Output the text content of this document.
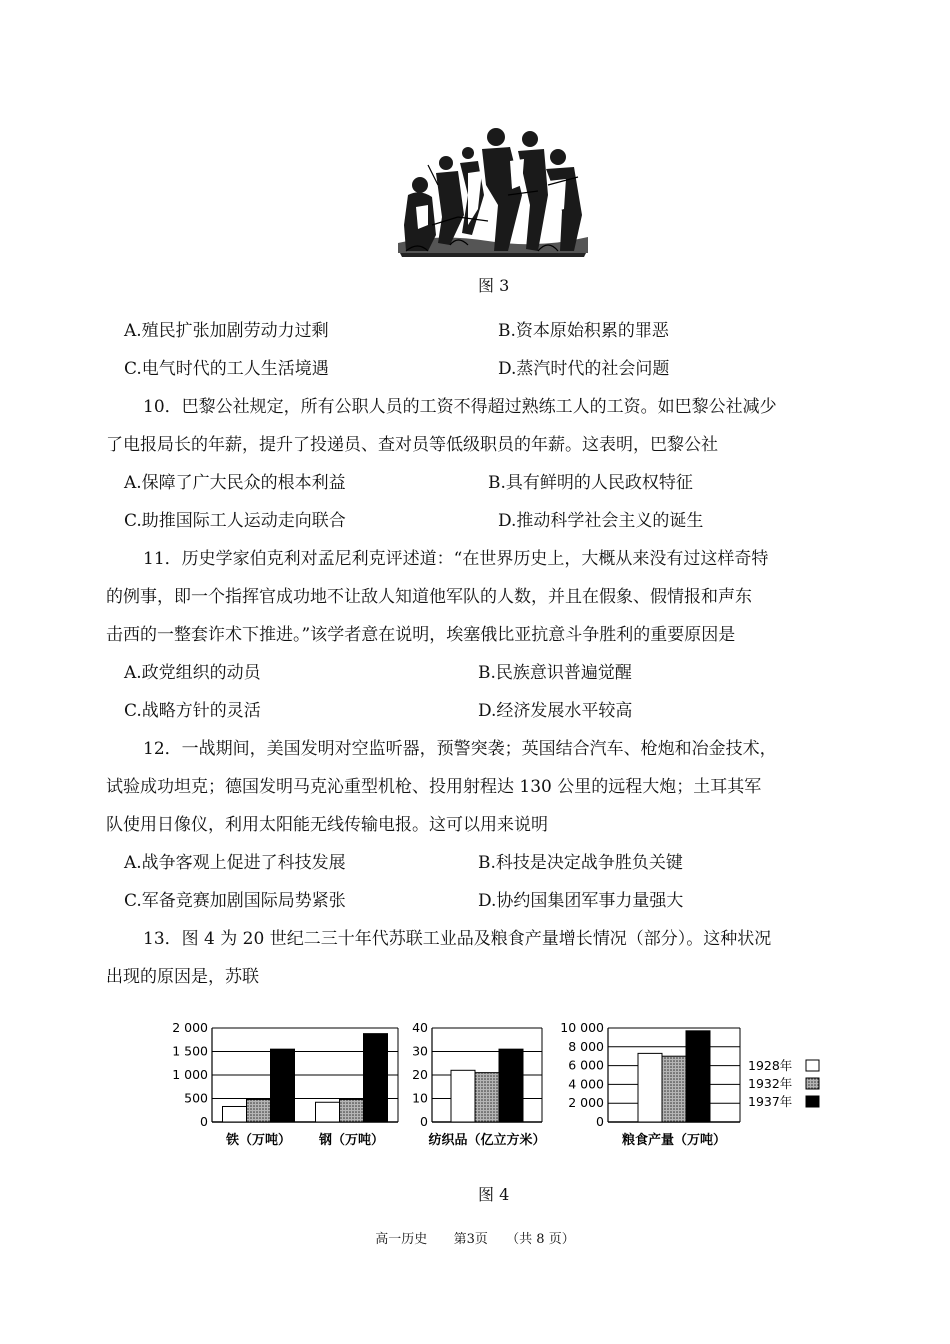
图 3
A.殖民扩张加剧劳动力过剩	B.资本原始积累的罪恶
C.电气时代的工人生活境遇	D.蒸汽时代的社会问题
10．巴黎公社规定，所有公职人员的工资不得超过熟练工人的工资。如巴黎公社减少
了电报局长的年薪，提升了投递员、查对员等低级职员的年薪。这表明，巴黎公社
A.保障了广大民众的根本利益	B.具有鲜明的人民政权特征
C.助推国际工人运动走向联合	D.推动科学社会主义的诞生
11．历史学家伯克利对孟尼利克评述道：“在世界历史上，大概从来没有过这样奇特
的例事，即一个指挥官成功地不让敌人知道他军队的人数，并且在假象、假情报和声东
击西的一整套诈术下推进。”该学者意在说明，埃塞俄比亚抗意斗争胜利的重要原因是
A.政党组织的动员	B.民族意识普遍觉醒
C.战略方针的灵活	D.经济发展水平较高
12．一战期间，美国发明对空监听器，预警突袭；英国结合汽车、枪炮和冶金技术，
试验成功坦克；德国发明马克沁重型机枪、投用射程达 130 公里的远程大炮；土耳其军
队使用日像仪，利用太阳能无线传输电报。这可以用来说明
A.战争客观上促进了科技发展	B.科技是决定战争胜负关键
C.军备竞赛加剧国际局势紧张	D.协约国集团军事力量强大
13．图 4 为 20 世纪二三十年代苏联工业品及粮食产量增长情况（部分）。这种状况
出现的原因是，苏联
2 000
1 500
1 000
500
0
铁（万吨） 钢（万吨）
40
30
20
10
0
纺织品（亿立方米）
10 000
8 000
6 000
4 000
2 000
0
粮食产量（万吨）
1928年
1932年
1937年
图 4
高一历史 第3页 （共 8 页）
